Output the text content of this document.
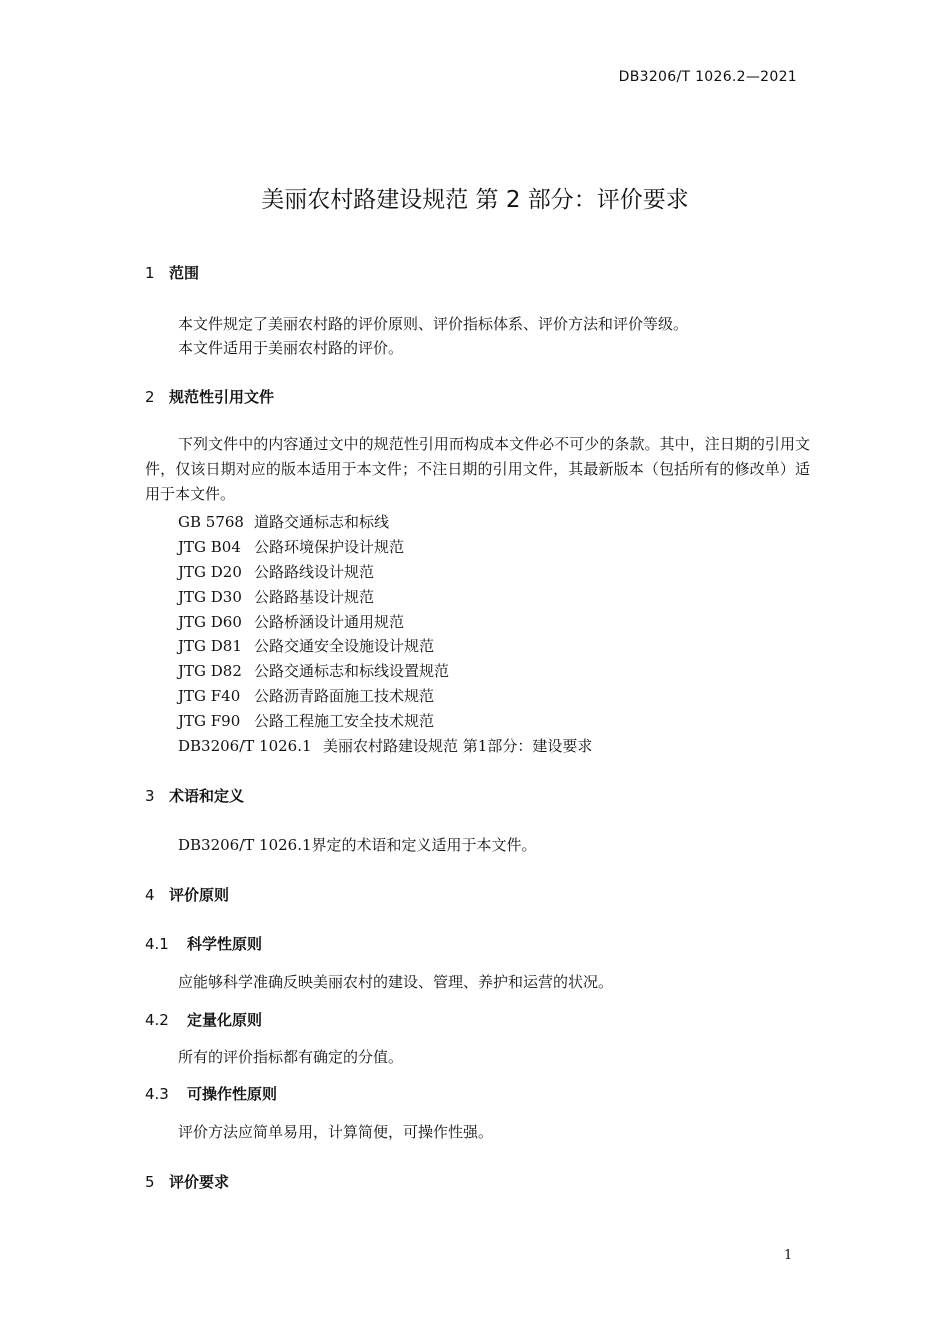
DB3206/T 1026.2—2021
美丽农村路建设规范 第 2 部分：评价要求
1 范围
本文件规定了美丽农村路的评价原则、评价指标体系、评价方法和评价等级。
本文件适用于美丽农村路的评价。
2 规范性引用文件
下列文件中的内容通过文中的规范性引用而构成本文件必不可少的条款。其中，注日期的引用文件，仅该日期对应的版本适用于本文件；不注日期的引用文件，其最新版本（包括所有的修改单）适用于本文件。
GB 5768 道路交通标志和标线
JTG B04 公路环境保护设计规范
JTG D20 公路路线设计规范
JTG D30 公路路基设计规范
JTG D60 公路桥涵设计通用规范
JTG D81 公路交通安全设施设计规范
JTG D82 公路交通标志和标线设置规范
JTG F40 公路沥青路面施工技术规范
JTG F90 公路工程施工安全技术规范
DB3206/T 1026.1 美丽农村路建设规范 第1部分：建设要求
3 术语和定义
DB3206/T 1026.1界定的术语和定义适用于本文件。
4 评价原则
4.1 科学性原则
应能够科学准确反映美丽农村的建设、管理、养护和运营的状况。
4.2 定量化原则
所有的评价指标都有确定的分值。
4.3 可操作性原则
评价方法应简单易用，计算简便，可操作性强。
5 评价要求
1
